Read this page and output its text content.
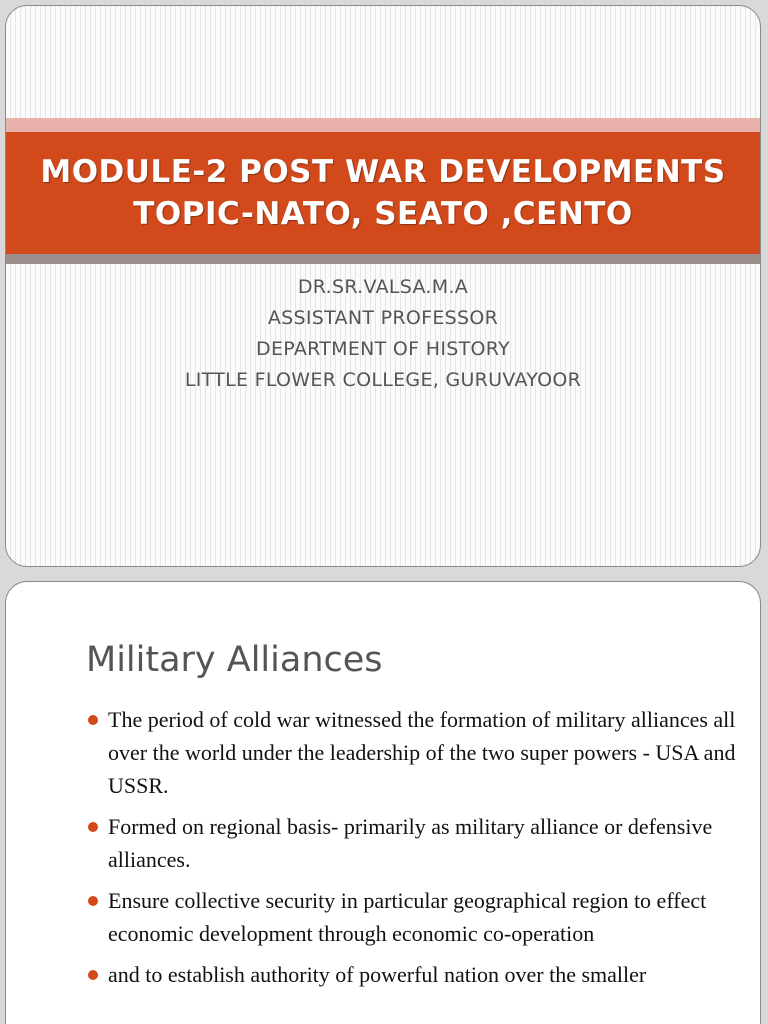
MODULE-2 POST WAR DEVELOPMENTS
TOPIC-NATO, SEATO ,CENTO
DR.SR.VALSA.M.A
ASSISTANT PROFESSOR
DEPARTMENT OF HISTORY
LITTLE FLOWER COLLEGE, GURUVAYOOR
Military Alliances
The period of cold war witnessed the formation of military alliances all over the world under the leadership of the two super powers - USA and USSR.
Formed on regional basis- primarily as military alliance or defensive alliances.
Ensure collective security in particular geographical region to effect economic development through economic co-operation
and to establish authority of powerful nation over the smaller
